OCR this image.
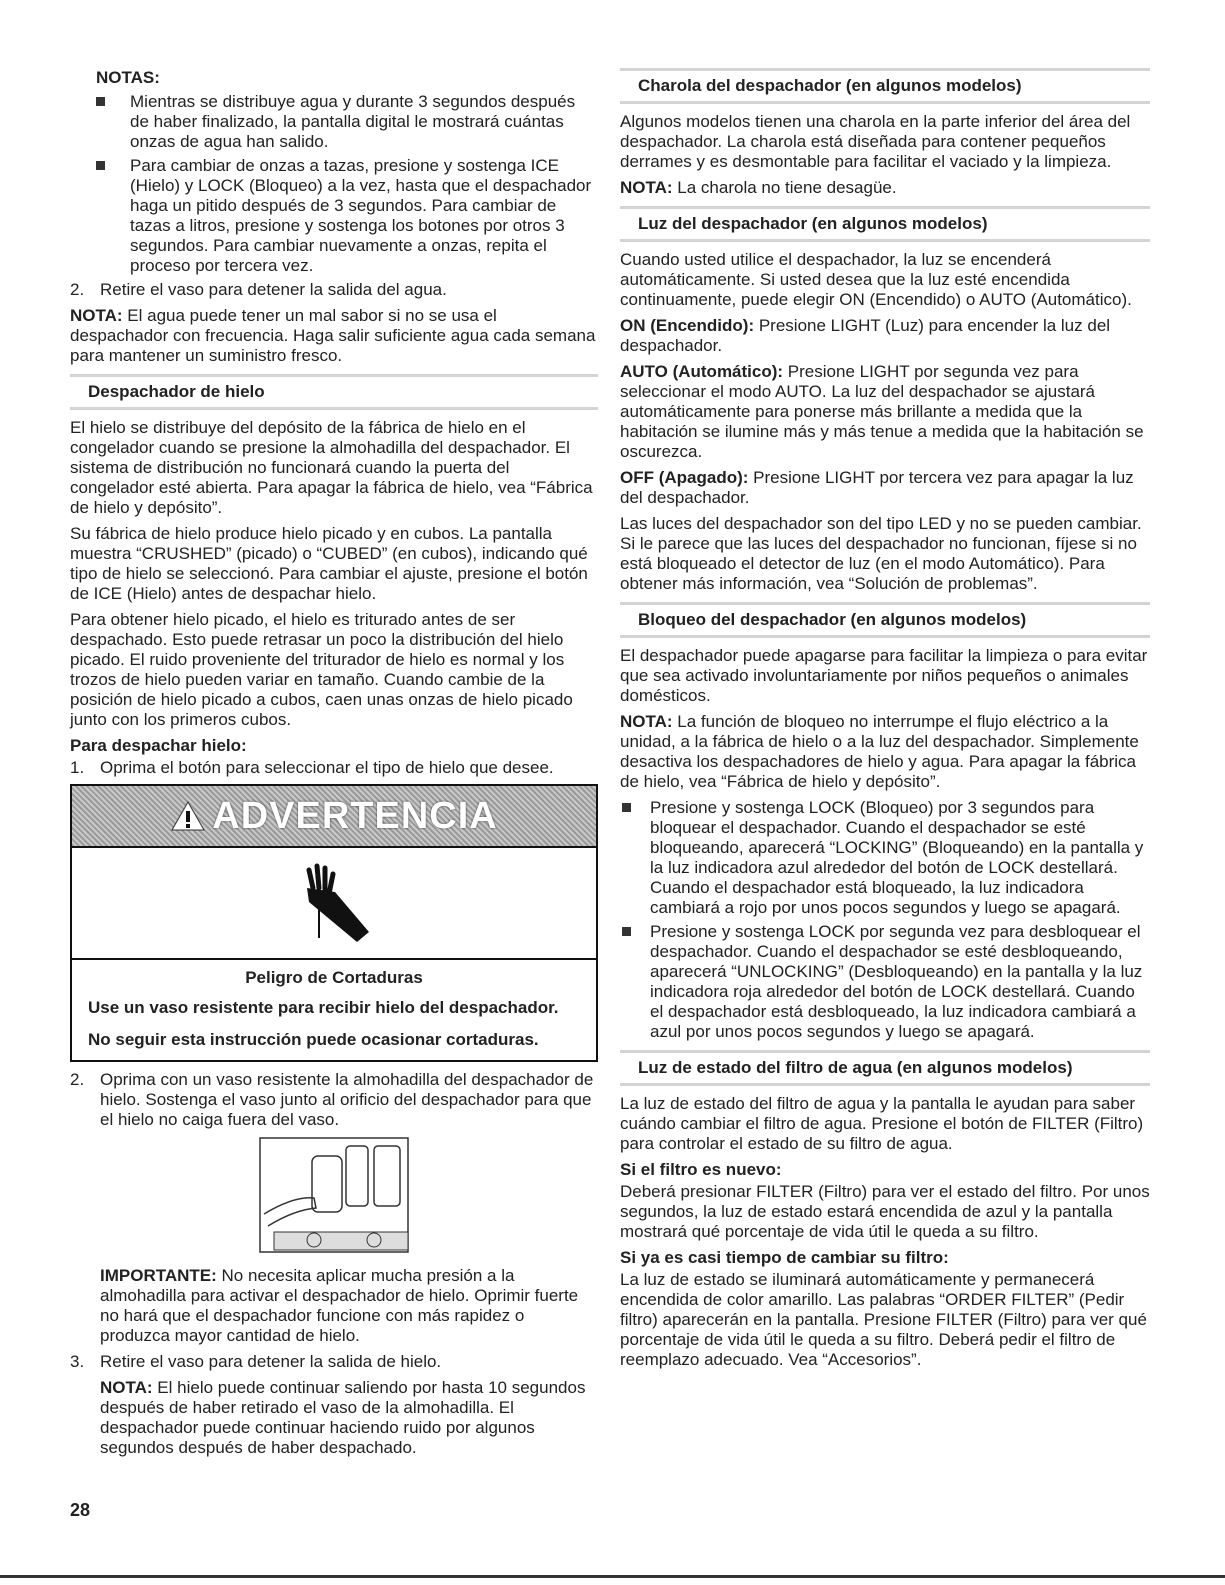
NOTAS:
Mientras se distribuye agua y durante 3 segundos después de haber finalizado, la pantalla digital le mostrará cuántas onzas de agua han salido.
Para cambiar de onzas a tazas, presione y sostenga ICE (Hielo) y LOCK (Bloqueo) a la vez, hasta que el despachador haga un pitido después de 3 segundos. Para cambiar de tazas a litros, presione y sostenga los botones por otros 3 segundos. Para cambiar nuevamente a onzas, repita el proceso por tercera vez.
2. Retire el vaso para detener la salida del agua.

NOTA: El agua puede tener un mal sabor si no se usa el despachador con frecuencia. Haga salir suficiente agua cada semana para mantener un suministro fresco.

Despachador de hielo

El hielo se distribuye del depósito de la fábrica de hielo en el congelador cuando se presione la almohadilla del despachador. El sistema de distribución no funcionará cuando la puerta del congelador esté abierta. Para apagar la fábrica de hielo, vea “Fábrica de hielo y depósito”.

Su fábrica de hielo produce hielo picado y en cubos. La pantalla muestra “CRUSHED” (picado) o “CUBED” (en cubos), indicando qué tipo de hielo se seleccionó. Para cambiar el ajuste, presione el botón de ICE (Hielo) antes de despachar hielo.

Para obtener hielo picado, el hielo es triturado antes de ser despachado. Esto puede retrasar un poco la distribución del hielo picado. El ruido proveniente del triturador de hielo es normal y los trozos de hielo pueden variar en tamaño. Cuando cambie de la posición de hielo picado a cubos, caen unas onzas de hielo picado junto con los primeros cubos.

Para despachar hielo:

1. Oprima el botón para seleccionar el tipo de hielo que desee.
ADVERTENCIA
Peligro de Cortaduras

Use un vaso resistente para recibir hielo del despachador.

No seguir esta instrucción puede ocasionar cortaduras.

2. Oprima con un vaso resistente la almohadilla del despachador de hielo. Sostenga el vaso junto al orificio del despachador para que el hielo no caiga fuera del vaso.

IMPORTANTE: No necesita aplicar mucha presión a la almohadilla para activar el despachador de hielo. Oprimir fuerte no hará que el despachador funcione con más rapidez o produzca mayor cantidad de hielo.

3. Retire el vaso para detener la salida de hielo.

NOTA: El hielo puede continuar saliendo por hasta 10 segundos después de haber retirado el vaso de la almohadilla. El despachador puede continuar haciendo ruido por algunos segundos después de haber despachado.

Charola del despachador (en algunos modelos)

Algunos modelos tienen una charola en la parte inferior del área del despachador. La charola está diseñada para contener pequeños derrames y es desmontable para facilitar el vaciado y la limpieza.

NOTA: La charola no tiene desagüe.

Luz del despachador (en algunos modelos)

Cuando usted utilice el despachador, la luz se encenderá automáticamente. Si usted desea que la luz esté encendida continuamente, puede elegir ON (Encendido) o AUTO (Automático).

ON (Encendido): Presione LIGHT (Luz) para encender la luz del despachador.

AUTO (Automático): Presione LIGHT por segunda vez para seleccionar el modo AUTO. La luz del despachador se ajustará automáticamente para ponerse más brillante a medida que la habitación se ilumine más y más tenue a medida que la habitación se oscurezca.

OFF (Apagado): Presione LIGHT por tercera vez para apagar la luz del despachador.

Las luces del despachador son del tipo LED y no se pueden cambiar. Si le parece que las luces del despachador no funcionan, fíjese si no está bloqueado el detector de luz (en el modo Automático). Para obtener más información, vea “Solución de problemas”.

Bloqueo del despachador (en algunos modelos)

El despachador puede apagarse para facilitar la limpieza o para evitar que sea activado involuntariamente por niños pequeños o animales domésticos.

NOTA: La función de bloqueo no interrumpe el flujo eléctrico a la unidad, a la fábrica de hielo o a la luz del despachador. Simplemente desactiva los despachadores de hielo y agua. Para apagar la fábrica de hielo, vea “Fábrica de hielo y depósito”.

Presione y sostenga LOCK (Bloqueo) por 3 segundos para bloquear el despachador. Cuando el despachador se esté bloqueando, aparecerá “LOCKING” (Bloqueando) en la pantalla y la luz indicadora azul alrededor del botón de LOCK destellará. Cuando el despachador está bloqueado, la luz indicadora cambiará a rojo por unos pocos segundos y luego se apagará.
Presione y sostenga LOCK por segunda vez para desbloquear el despachador. Cuando el despachador se esté desbloqueando, aparecerá “UNLOCKING” (Desbloqueando) en la pantalla y la luz indicadora roja alrededor del botón de LOCK destellará. Cuando el despachador está desbloqueado, la luz indicadora cambiará a azul por unos pocos segundos y luego se apagará.
Luz de estado del filtro de agua (en algunos modelos)

La luz de estado del filtro de agua y la pantalla le ayudan para saber cuándo cambiar el filtro de agua. Presione el botón de FILTER (Filtro) para controlar el estado de su filtro de agua.

Si el filtro es nuevo:

Deberá presionar FILTER (Filtro) para ver el estado del filtro. Por unos segundos, la luz de estado estará encendida de azul y la pantalla mostrará qué porcentaje de vida útil le queda a su filtro.

Si ya es casi tiempo de cambiar su filtro:

La luz de estado se iluminará automáticamente y permanecerá encendida de color amarillo. Las palabras “ORDER FILTER” (Pedir filtro) aparecerán en la pantalla. Presione FILTER (Filtro) para ver qué porcentaje de vida útil le queda a su filtro. Deberá pedir el filtro de reemplazo adecuado. Vea “Accesorios”.

28
